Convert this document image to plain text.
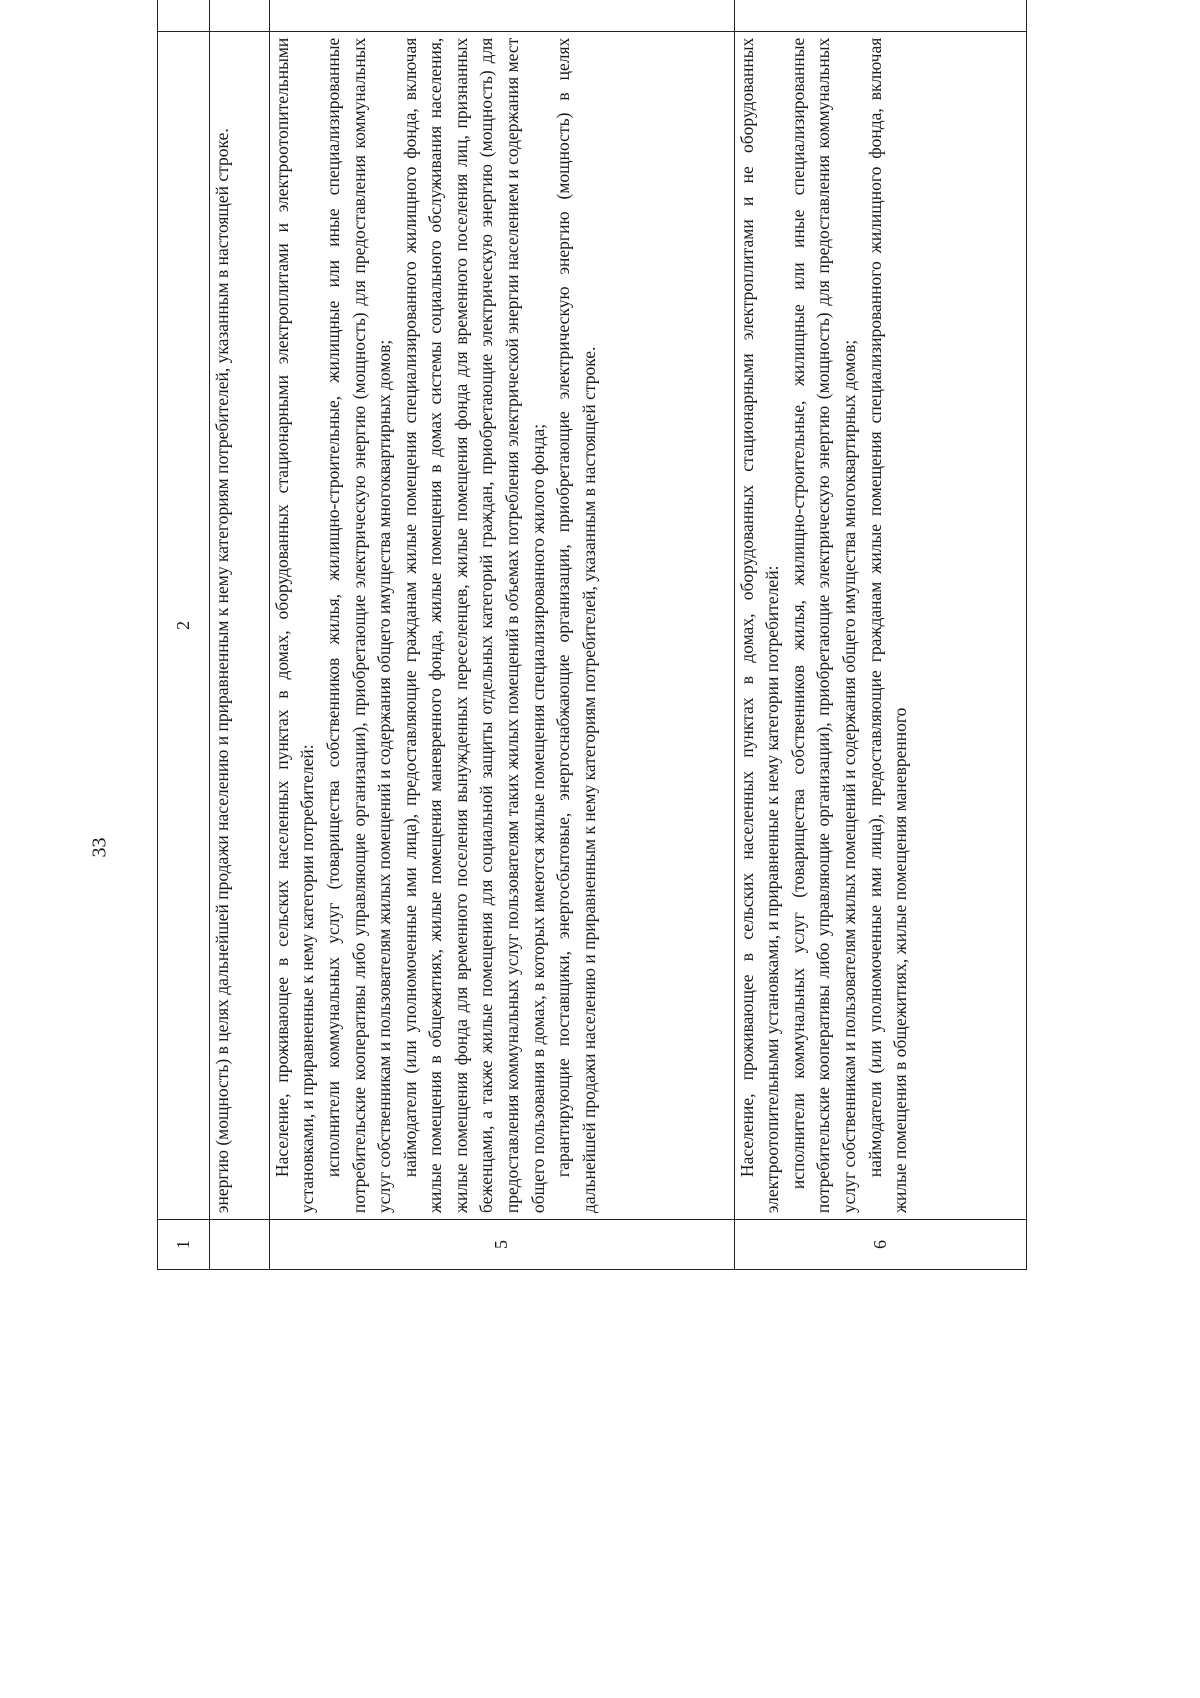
33
1
2	энергию (мощность) в целях дальнейшей продажи населению и приравненным к нему категориям потребителей, указанным в настоящей строке.

5

Население, проживающее в сельских населенных пунктах в домах, оборудованных стационарными электроплитами и электроотопительными установками, и приравненные к нему категории потребителей: исполнители коммунальных услуг (товарищества собственников жилья, жилищно-строительные, жилищные или иные специализированные потребительские кооперативы либо управляющие организации), приобретающие электрическую энергию (мощность) для предоставления коммунальных услуг собственникам и пользователям жилых помещений и содержания общего имущества многоквартирных домов; наймодатели (или уполномоченные ими лица), предоставляющие гражданам жилые помещения специализированного жилищного фонда, включая жилые помещения в общежитиях, жилые помещения маневренного фонда, жилые помещения в домах системы социального обслуживания населения, жилые помещения фонда для временного поселения вынужденных переселенцев, жилые помещения фонда для временного поселения лиц, признанных беженцами, а также жилые помещения для социальной защиты отдельных категорий граждан, приобретающие электрическую энергию (мощность) для предоставления коммунальных услуг пользователям таких жилых помещений в объемах потребления электрической энергии населением и содержания мест общего пользования в домах, в которых имеются жилые помещения специализированного жилого фонда; гарантирующие поставщики, энергосбытовые, энергоснабжающие организации, приобретающие электрическую энергию (мощность) в целях дальнейшей продажи населению и приравненным к нему категориям потребителей, указанным в настоящей строке.

6

Население, проживающее в сельских населенных пунктах в домах, оборудованных стационарными электроплитами и не оборудованных электроотопительными установками, и приравненные к нему категории потребителей: исполнители коммунальных услуг (товарищества собственников жилья, жилищно-строительные, жилищные или иные специализированные потребительские кооперативы либо управляющие организации), приобретающие электрическую энергию (мощность) для предоставления коммунальных услуг собственникам и пользователям жилых помещений и содержания общего имущества многоквартирных домов; наймодатели (или уполномоченные ими лица), предоставляющие гражданам жилые помещения специализированного жилищного фонда, включая жилые помещения в общежитиях, жилые помещения маневренного
